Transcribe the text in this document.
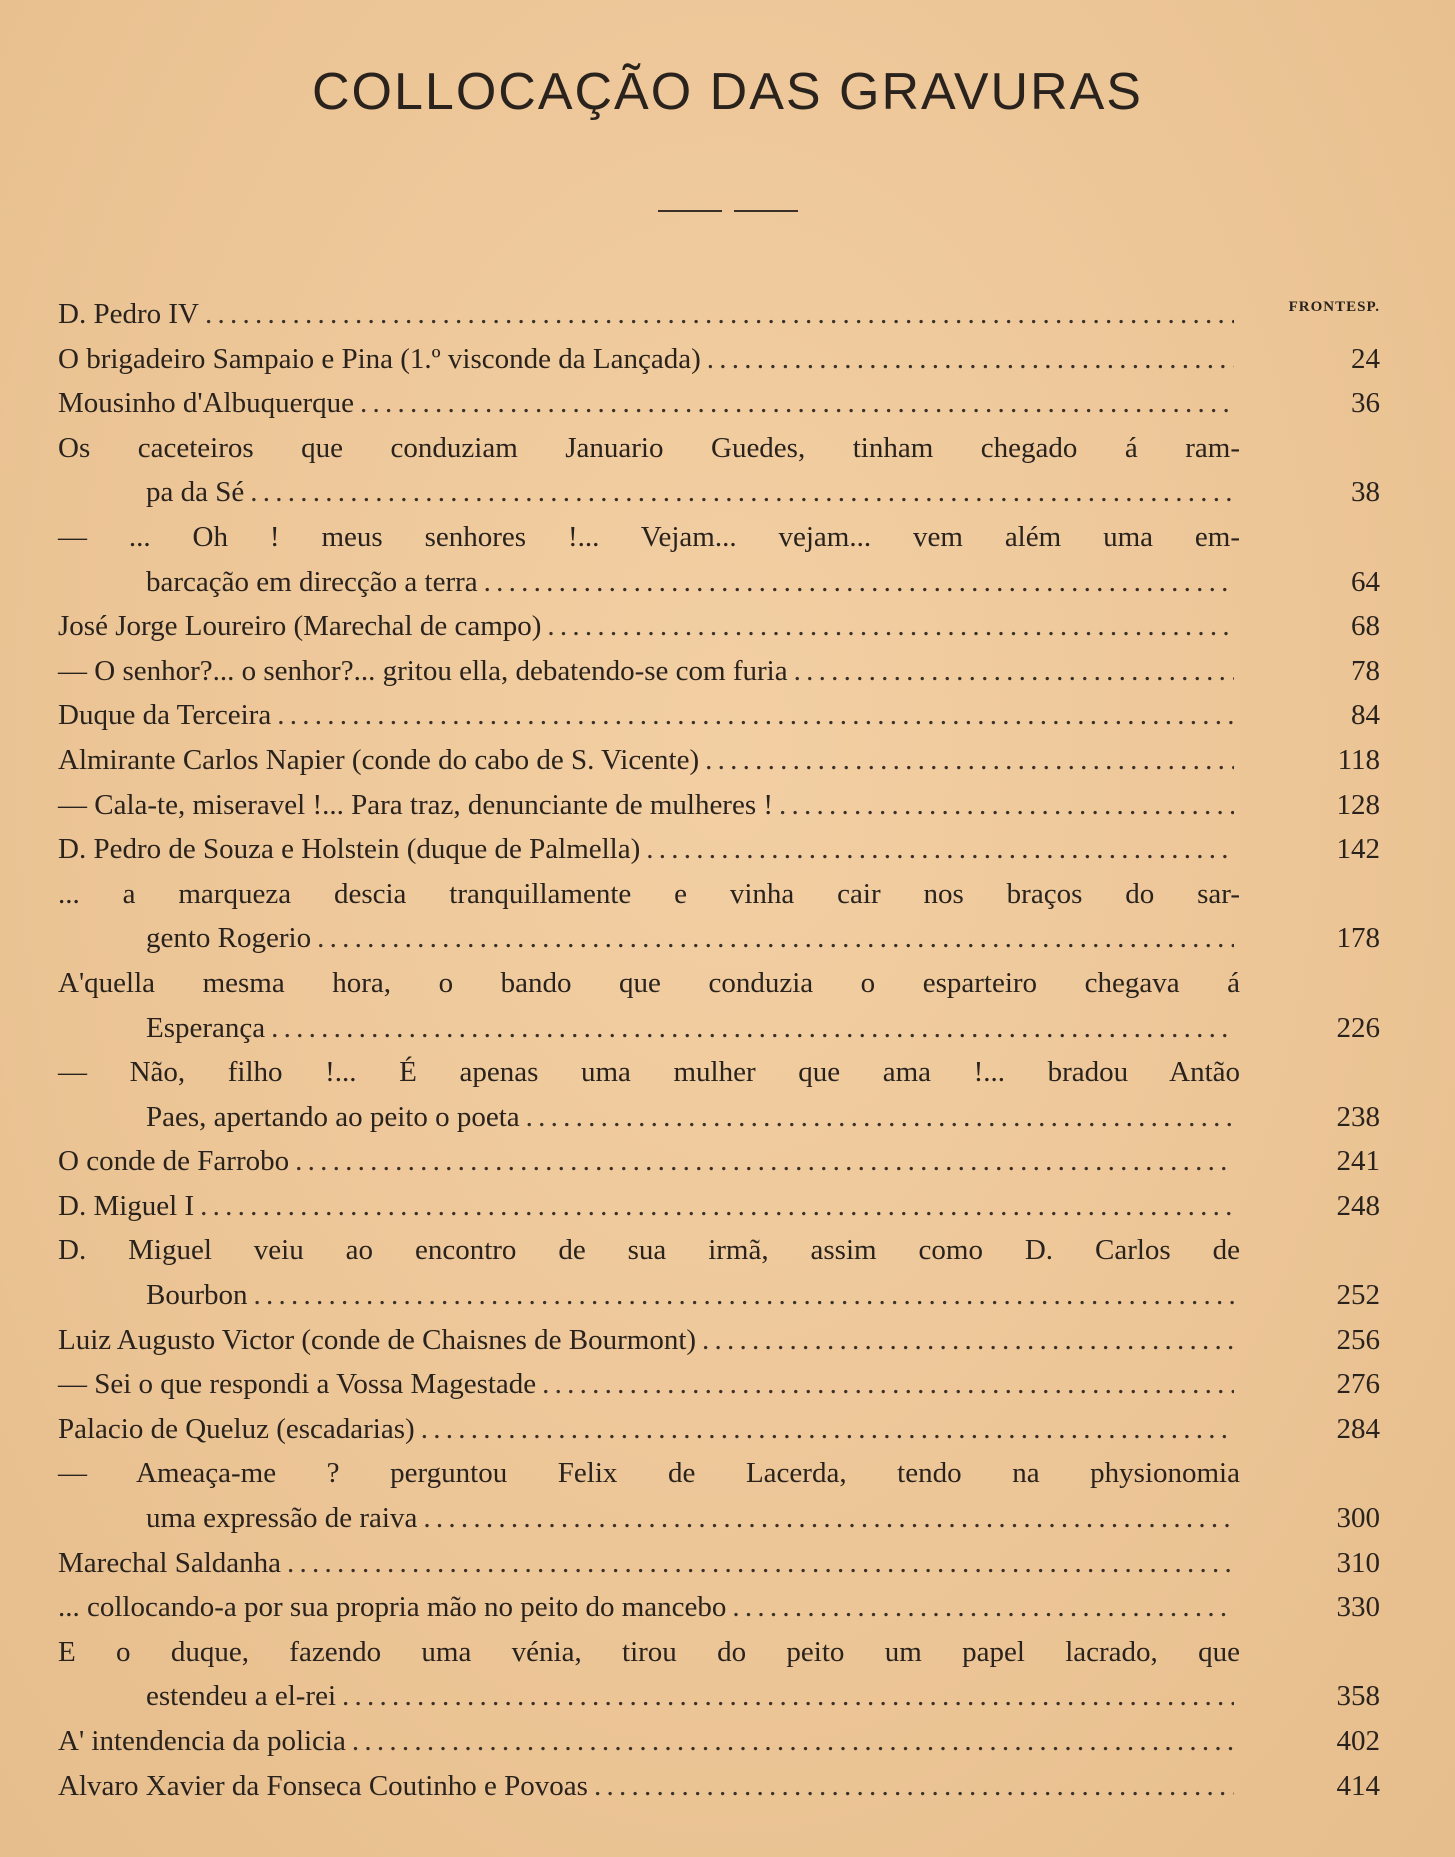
COLLOCAÇÃO DAS GRAVURAS
D. Pedro IV . . .	FRONTESP.
O brigadeiro Sampaio e Pina (1.º visconde da Lançada) . . .	24
Mousinho d'Albuquerque . . .	36
Os caceteiros que conduziam Januario Guedes, tinham chegado á ram-
pa da Sé . . .	38
— ... Oh ! meus senhores !... Vejam... vejam... vem além uma em-
barcação em direcção a terra . . .	64
José Jorge Loureiro (Marechal de campo) . . .	68
— O senhor?... o senhor?... gritou ella, debatendo-se com furia . . .	78
Duque da Terceira . . .	84
Almirante Carlos Napier (conde do cabo de S. Vicente) . . .	118
— Cala-te, miseravel !... Para traz, denunciante de mulheres ! . . .	128
D. Pedro de Souza e Holstein (duque de Palmella) . . .	142
... a marqueza descia tranquillamente e vinha cair nos braços do sar-
gento Rogerio . . .	178
A'quella mesma hora, o bando que conduzia o esparteiro chegava á
Esperança . . .	226
— Não, filho !... É apenas uma mulher que ama !... bradou Antão
Paes, apertando ao peito o poeta . . .	238
O conde de Farrobo . . .	241
D. Miguel I . . .	248
D. Miguel veiu ao encontro de sua irmã, assim como D. Carlos de
Bourbon . . .	252
Luiz Augusto Victor (conde de Chaisnes de Bourmont) . . .	256
— Sei o que respondi a Vossa Magestade . . .	276
Palacio de Queluz (escadarias) . . .	284
— Ameaça-me ? perguntou Felix de Lacerda, tendo na physionomia
uma expressão de raiva . . .	300
Marechal Saldanha . . .	310
... collocando-a por sua propria mão no peito do mancebo . . .	330
E o duque, fazendo uma vénia, tirou do peito um papel lacrado, que
estendeu a el-rei . . .	358
A' intendencia da policia . . .	402
Alvaro Xavier da Fonseca Coutinho e Povoas . . .	414
